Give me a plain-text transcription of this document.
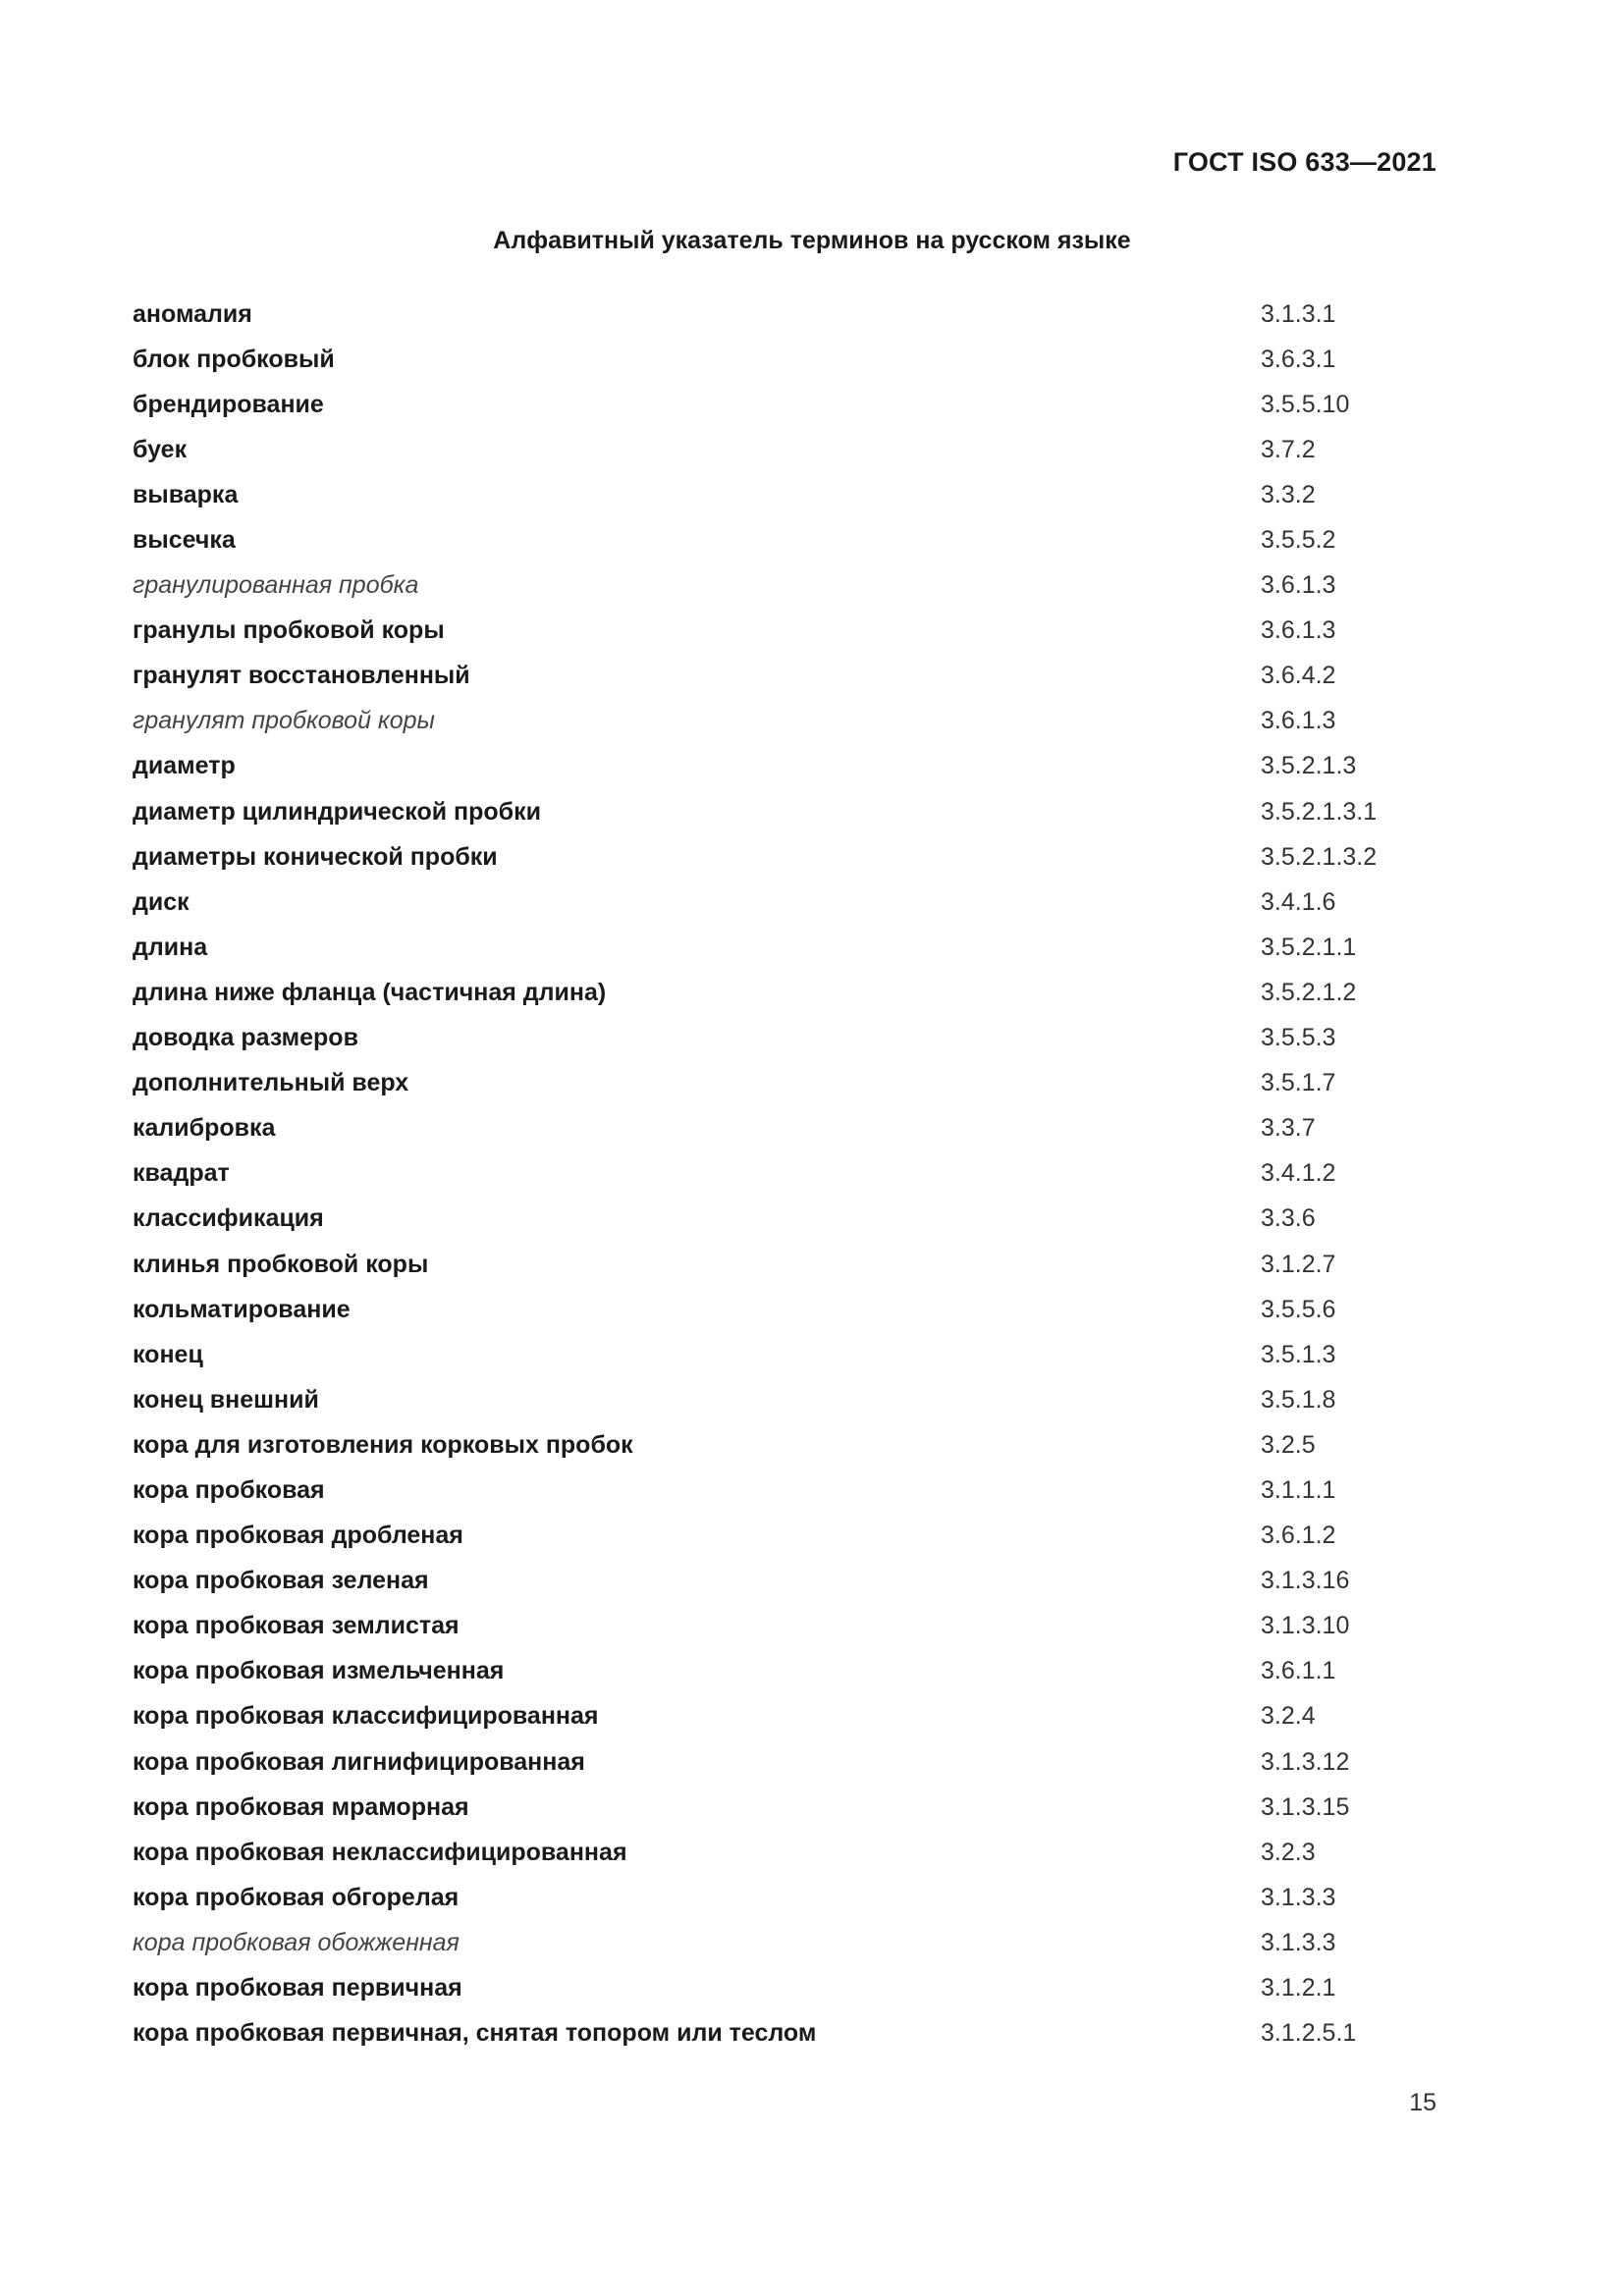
ГОСТ ISO 633—2021
Алфавитный указатель терминов на русском языке
аномалия	3.1.3.1
блок пробковый	3.6.3.1
брендирование	3.5.5.10
буек	3.7.2
выварка	3.3.2
высечка	3.5.5.2
гранулированная пробка	3.6.1.3
гранулы пробковой коры	3.6.1.3
гранулят восстановленный	3.6.4.2
гранулят пробковой коры	3.6.1.3
диаметр	3.5.2.1.3
диаметр цилиндрической пробки	3.5.2.1.3.1
диаметры конической пробки	3.5.2.1.3.2
диск	3.4.1.6
длина	3.5.2.1.1
длина ниже фланца (частичная длина)	3.5.2.1.2
доводка размеров	3.5.5.3
дополнительный верх	3.5.1.7
калибровка	3.3.7
квадрат	3.4.1.2
классификация	3.3.6
клинья пробковой коры	3.1.2.7
кольматирование	3.5.5.6
конец	3.5.1.3
конец внешний	3.5.1.8
кора для изготовления корковых пробок	3.2.5
кора пробковая	3.1.1.1
кора пробковая дробленая	3.6.1.2
кора пробковая зеленая	3.1.3.16
кора пробковая землистая	3.1.3.10
кора пробковая измельченная	3.6.1.1
кора пробковая классифицированная	3.2.4
кора пробковая лигнифицированная	3.1.3.12
кора пробковая мраморная	3.1.3.15
кора пробковая неклассифицированная	3.2.3
кора пробковая обгорелая	3.1.3.3
кора пробковая обожженная	3.1.3.3
кора пробковая первичная	3.1.2.1
кора пробковая первичная, снятая топором или теслом	3.1.2.5.1
15
